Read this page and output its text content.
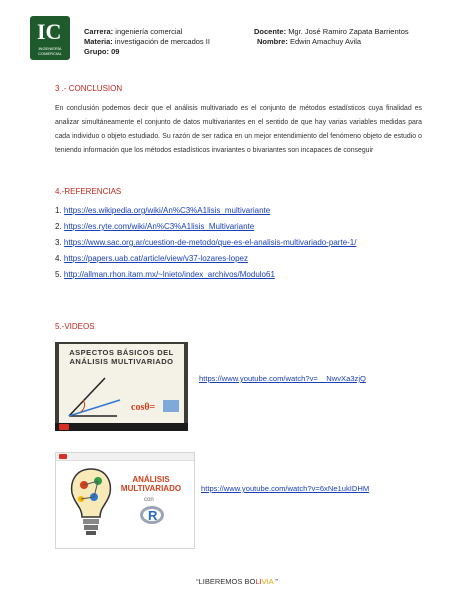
IC
INGENIERÍA
COMERCIAL
Carrera: ingeniería comercial
Materia: investigación de mercados II
Grupo: 09
Docente: Mgr. José Ramiro Zapata Barrientos
Nombre: Edwin Amachuy Avila
3 .- CONCLUSION
En conclusión podemos decir que el análisis multivariado es el conjunto de métodos estadísticos cuya finalidad es analizar simultáneamente el conjunto de datos multivariantes en el sentido de que hay varias variables medidas para cada individuo o objeto estudiado. Su razón de ser radica en un mejor entendimiento del fenómeno objeto de estudio o teniendo información que los métodos estadísticos invariantes o bivariantes son incapaces de conseguir
4.-REFERENCIAS
1. https://es.wikipedia.org/wiki/An%C3%A1lisis_multivariante
2. https://es.ryte.com/wiki/An%C3%A1lisis_Multivariante
3. https://www.sac.org.ar/cuestion-de-metodo/que-es-el-analisis-multivariado-parte-1/
4. https://papers.uab.cat/article/view/v37-lozares-lopez
5. http://allman.rhon.itam.mx/~lnieto/index_archivos/Modulo61
5.-VIDEOS
ASPECTOS BÁSICOS DEL
ANÁLISIS MULTIVARIADO
cosθ=
https://www.youtube.com/watch?v=__NwvXa3zjQ
ANÁLISIS
MULTIVARIADO
con
R
https://www.youtube.com/watch?v=6xNe1ukIDHM
“LIBEREMOS BOLIVIA ”
